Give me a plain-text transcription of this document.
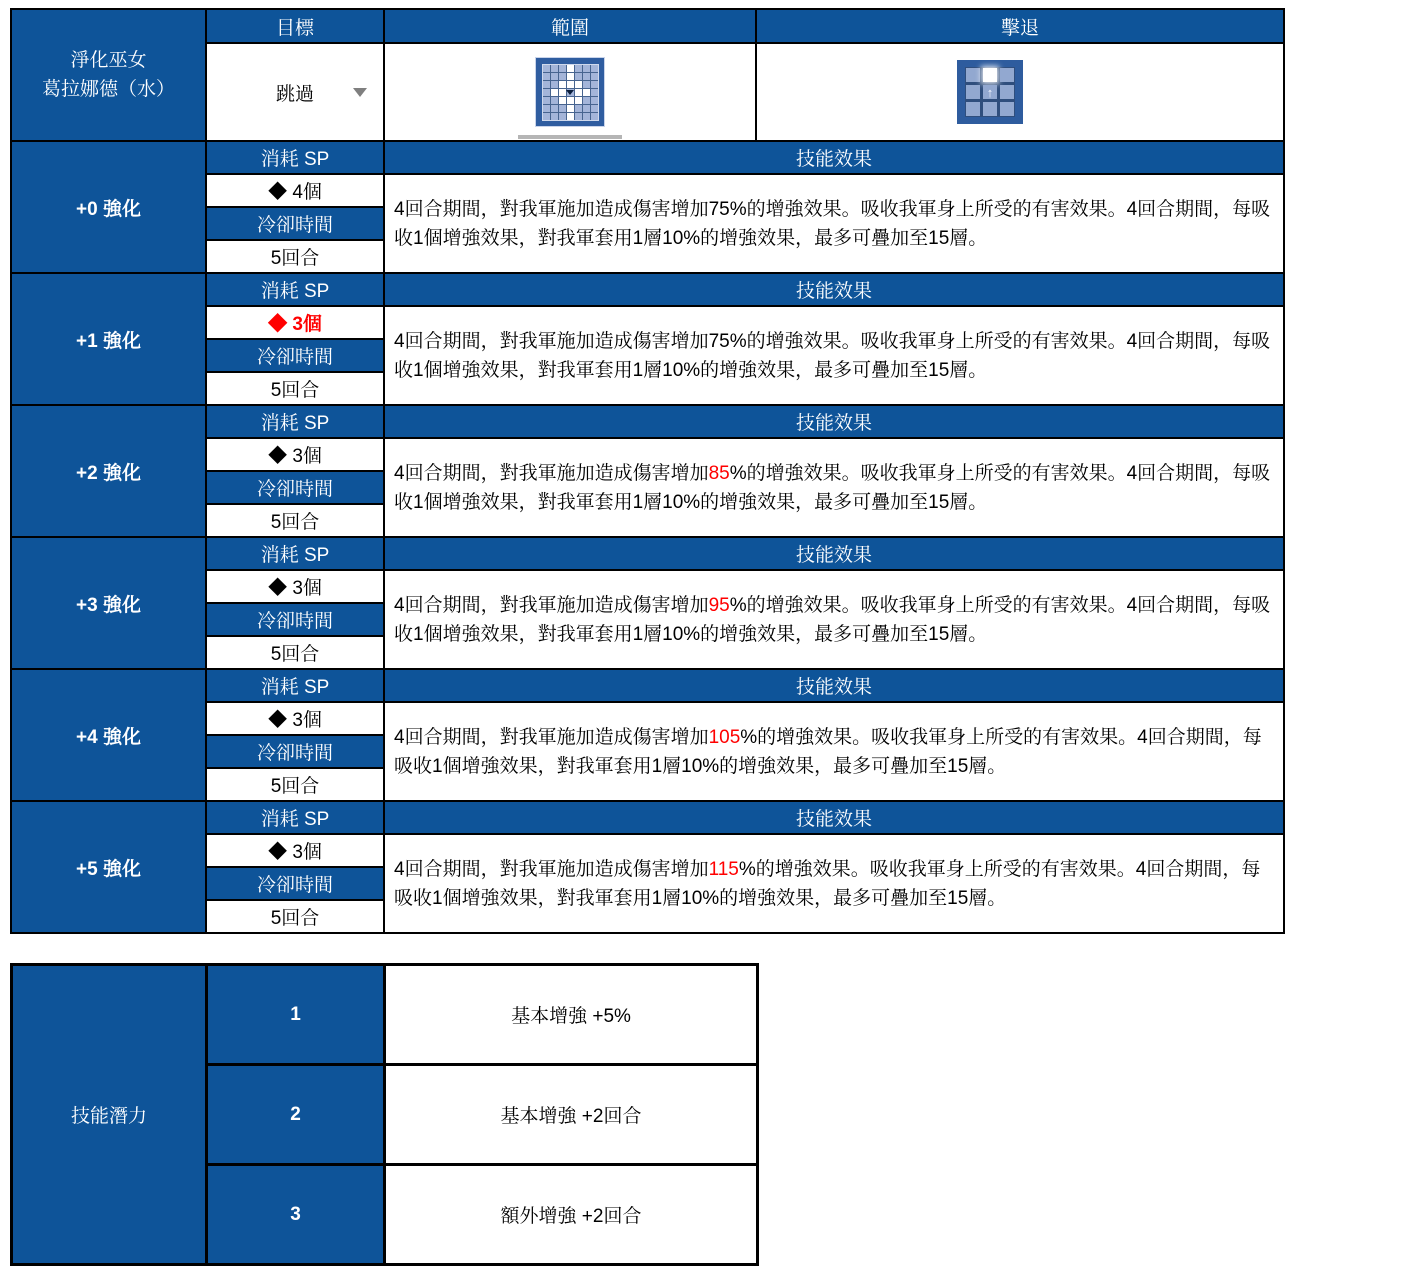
淨化巫女
葛拉娜德（水）	目標	範圍	擊退
	跳過		↑

+0 強化	消耗 SP	技能效果	
	◆ 4個	4回合期間，對我軍施加造成傷害增加75%的增強效果。吸收我軍身上所受的有害效果。4回合期間，每吸收1個增強效果，對我軍套用1層10%的增強效果，最多可疊加至15層。	

	冷卻時間		
	5回合		
+1 強化	消耗 SP	技能效果	
	◆ 3個	4回合期間，對我軍施加造成傷害增加75%的增強效果。吸收我軍身上所受的有害效果。4回合期間，每吸收1個增強效果，對我軍套用1層10%的增強效果，最多可疊加至15層。	

	冷卻時間		
	5回合		
+2 強化	消耗 SP	技能效果	
	◆ 3個	4回合期間，對我軍施加造成傷害增加85%的增強效果。吸收我軍身上所受的有害效果。4回合期間，每吸收1個增強效果，對我軍套用1層10%的增強效果，最多可疊加至15層。	

	冷卻時間		
	5回合		
+3 強化	消耗 SP	技能效果	
	◆ 3個	4回合期間，對我軍施加造成傷害增加95%的增強效果。吸收我軍身上所受的有害效果。4回合期間，每吸收1個增強效果，對我軍套用1層10%的增強效果，最多可疊加至15層。	

	冷卻時間		
	5回合		
+4 強化	消耗 SP	技能效果	
	◆ 3個	4回合期間，對我軍施加造成傷害增加105%的增強效果。吸收我軍身上所受的有害效果。4回合期間，每吸收1個增強效果，對我軍套用1層10%的增強效果，最多可疊加至15層。	

	冷卻時間		
	5回合		
+5 強化	消耗 SP	技能效果	
	◆ 3個	4回合期間，對我軍施加造成傷害增加115%的增強效果。吸收我軍身上所受的有害效果。4回合期間，每吸收1個增強效果，對我軍套用1層10%的增強效果，最多可疊加至15層。	

	冷卻時間		
	5回合		
技能潛力	1	基本增強 +5%
	2	基本增強 +2回合
	3	額外增強 +2回合
